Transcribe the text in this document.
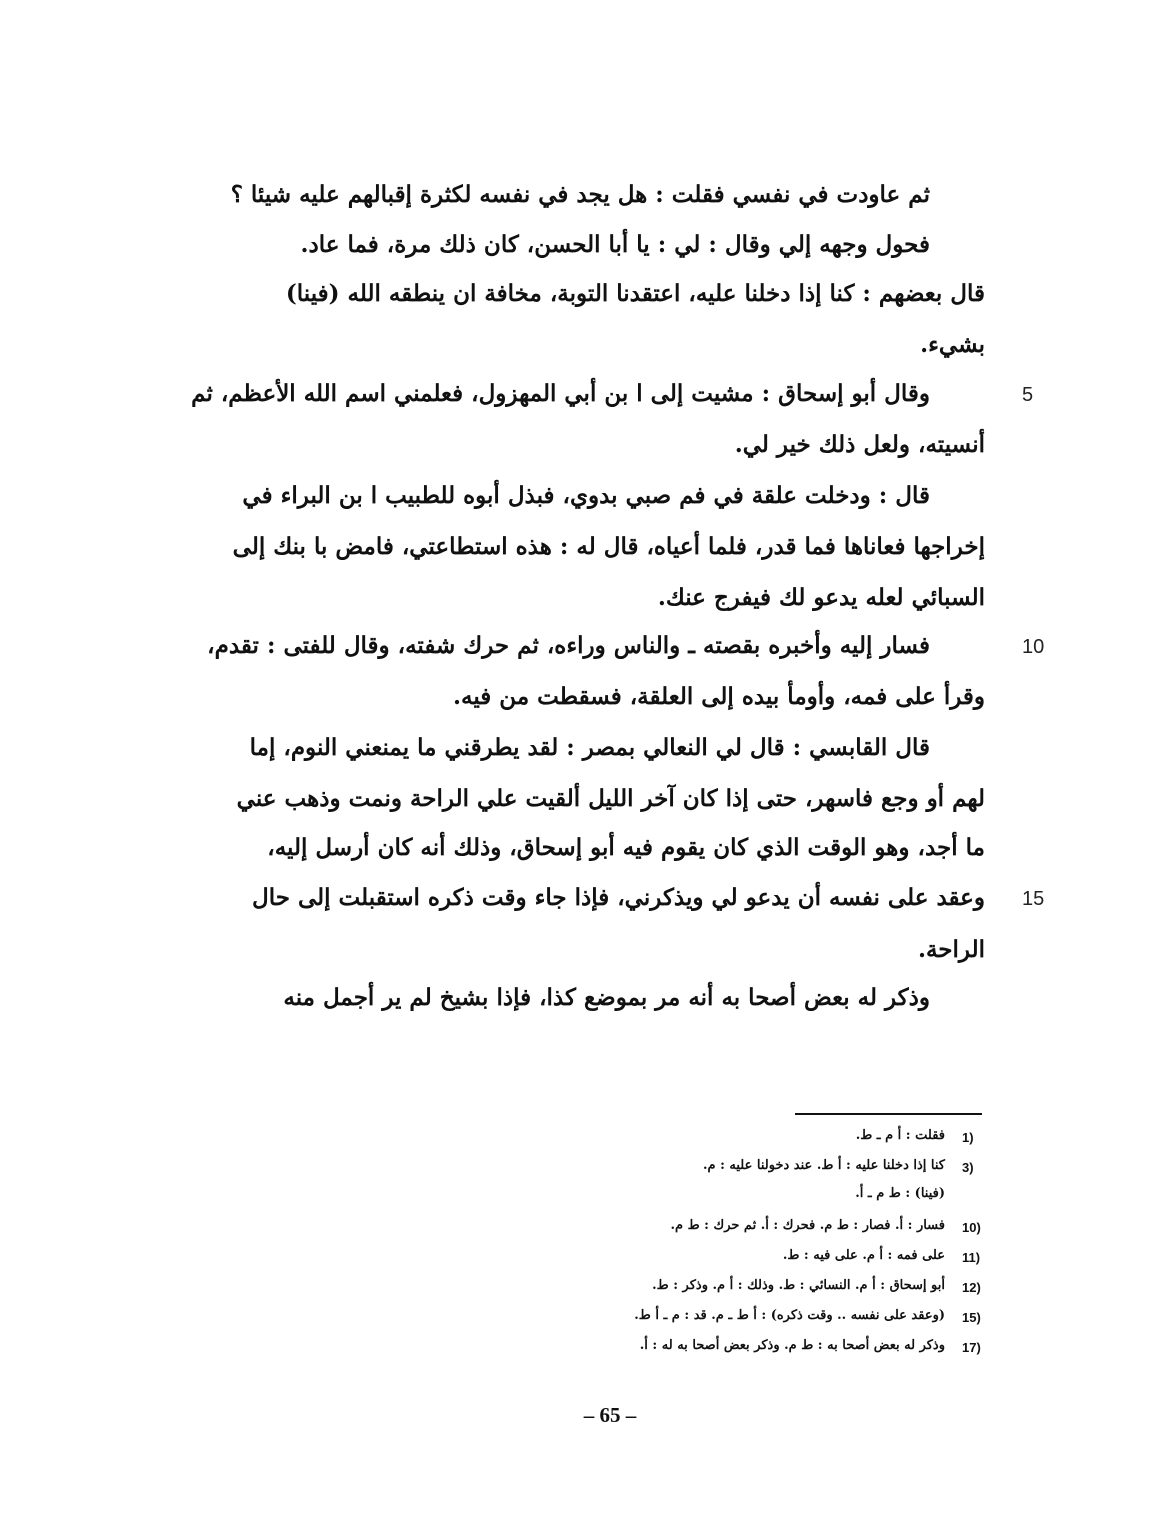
ثم عاودت في نفسي فقلت : هل يجد في نفسه لكثرة إقبالهم عليه شيئا ؟
فحول وجهه إلي وقال : لي : يا أبا الحسن، كان ذلك مرة، فما عاد.
قال بعضهم : كنا إذا دخلنا عليه، اعتقدنا التوبة، مخافة ان ينطقه الله (فينا)
بشيء.
وقال أبو إسحاق : مشيت إلى ا بن أبي المهزول، فعلمني اسم الله الأعظم، ثم	5
أنسيته، ولعل ذلك خير لي.
قال : ودخلت علقة في فم صبي بدوي، فبذل أبوه للطبيب ا بن البراء في
إخراجها فعاناها فما قدر، فلما أعياه، قال له : هذه استطاعتي، فامض با بنك إلى
السبائي لعله يدعو لك فيفرج عنك.
فسار إليه وأخبره بقصته ـ والناس وراءه، ثم حرك شفته، وقال للفتى : تقدم،	10
وقرأ على فمه، وأومأ بيده إلى العلقة، فسقطت من فيه.
قال القابسي : قال لي النعالي بمصر : لقد يطرقني ما يمنعني النوم، إما
لهم أو وجع فاسهر، حتى إذا كان آخر الليل ألقيت علي الراحة ونمت وذهب عني
ما أجد، وهو الوقت الذي كان يقوم فيه أبو إسحاق، وذلك أنه كان أرسل إليه،
وعقد على نفسه أن يدعو لي ويذكرني، فإذا جاء وقت ذكره استقبلت إلى حال 15
الراحة.
وذكر له بعض أصحا به أنه مر بموضع كذا، فإذا بشيخ لم ير أجمل منه
1)
فقلت : أ م ـ ط.
3)
كنا إذا دخلنا عليه : أ ط. عند دخولنا عليه : م.
(فينا) : ط م ـ أ.
10)
فسار : أ. فصار : ط م. فحرك : أ. ثم حرك : ط م.
11)
على فمه : أ م. على فيه : ط.
12)
أبو إسحاق : أ م. النسائي : ط. وذلك : أ م. وذكر : ط.
15)
(وعقد على نفسه .. وقت ذكره) : أ ط ـ م. قد : م ـ أ ط.
17)
وذكر له بعض أصحا به : ط م. وذكر بعض أصحا به له : أ.
– 65 –
